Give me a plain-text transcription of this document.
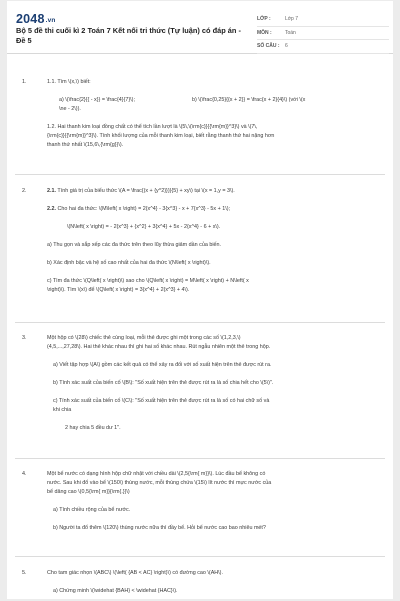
2048.vn
Bộ 5 đề thi cuối kì 2 Toán 7 Kết nối tri thức (Tự luận) có đáp án - Đề 5
LỚP :	Lớp 7
MÔN :	Toán
SỐ CÂU :	6
1.	1.1. Tìm \(x,\) biết:
a) \(\frac{2}{{ - x}} = \frac{4}{7}\);	b) \(\frac{0,25}{{x + 2}} = \frac{x + 2}{4}\) (với \(x
\ne - 2\)).
1.2. Hai thanh kim loại đồng chất có thể tích lần lượt là \(5\,\(\rm{c}}{{\rm{m}}^3}\) và \(7\,
{\rm{c}}{{\rm{m}}^3}\). Tính khối lượng của mỗi thanh kim loại, biết rằng thanh thứ hai nặng hơn
thanh thứ nhất \(15,6\,{\rm{g}}\).
2.	2.1. Tính giá trị của biểu thức \(A = \frac{(x + {y^2}})}{5} + xy\) tại \(x = 1,y = 3\).
2.2. Cho hai đa thức: \(M\left( x \right) = 2{x^4} - 3{x^3} - x + 7{x^3} - 5x + 1\);
\(N\left( x \right) = - 2{x^3} + {x^2} + 3{x^4} + 5x - 2{x^4} - 6 + x\).
a) Thu gọn và sắp xếp các đa thức trên theo lũy thừa giảm dần của biến.
b) Xác định bậc và hệ số cao nhất của hai đa thức \(N\left( x \right)\).
c) Tìm đa thức \(Q\left( x \right)\) sao cho \(Q\left( x \right) = M\left( x \right) + N\left( x
\right)\). Tìm \(x\) để \(Q\left( x \right) = 3{x^4} + 2{x^3} + 4\).
3.	Một hộp có \(28\) chiếc thẻ cùng loại, mỗi thẻ được ghi một trong các số \(1,2,3,\)
(4,5,...,27,28\). Hai thẻ khác nhau thì ghi hai số khác nhau. Rút ngẫu nhiên một thẻ trong hộp.
a) Viết tập hợp \(A\) gồm các kết quả có thể xảy ra đối với số xuất hiện trên thẻ được rút ra.
b) Tính xác suất của biến cố \(B\): "Số xuất hiện trên thẻ được rút ra là số chia hết cho \(5\)".
c) Tính xác suất của biến cố \(C\): "Số xuất hiện trên thẻ được rút ra là số có hai chữ số và
khi chia
2 hay chia 5 đều dư 1".
4.	Một bể nước có dạng hình hộp chữ nhật với chiều dài \(2,5{\rm{ m}}\). Lúc đầu bể không có
nước. Sau khi đổ vào bể \(150\) thùng nước, mỗi thùng chứa \(15\) lít nước thì mực nước của
bể dâng cao \(0,5{\rm{ m}}{\rm{.}}\)
a) Tính chiều rộng của bể nước.
b) Người ta đổ thêm \(120\) thùng nước nữa thì đầy bể. Hỏi bể nước cao bao nhiêu mét?
5.	Cho tam giác nhọn \(ABC\) \(\left( {AB < AC} \right)\) có đường cao \(AH\).
a) Chứng minh \(\widehat {BAH} < \widehat {HAC}\).
